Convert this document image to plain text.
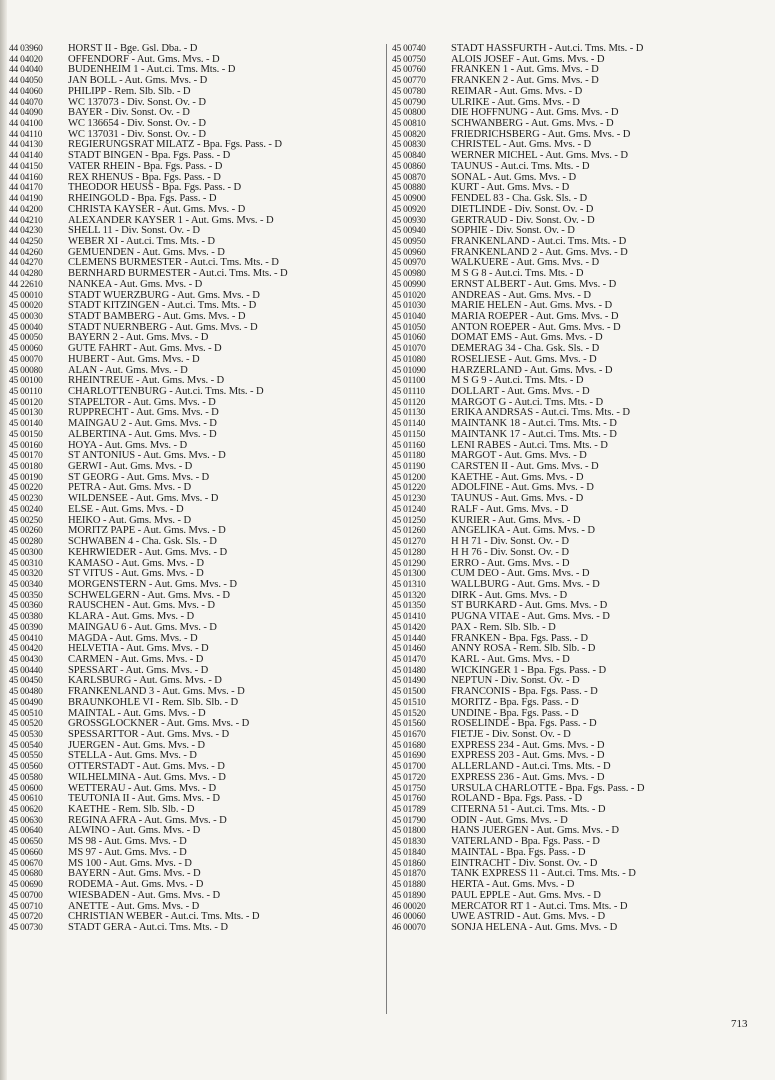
44 03960	HORST II - Bge. Gsl. Dba. - D
44 04020	OFFENDORF - Aut. Gms. Mvs. - D
44 04040	BUDENHEIM 1 - Aut.ci. Tms. Mts. - D
44 04050	JAN BOLL - Aut. Gms. Mvs. - D
44 04060	PHILIPP - Rem. Slb. Slb. - D
44 04070	WC 137073 - Div. Sonst. Ov. - D
44 04090	BAYER - Div. Sonst. Ov. - D
44 04100	WC 136654 - Div. Sonst. Ov. - D
44 04110	WC 137031 - Div. Sonst. Ov. - D
44 04130	REGIERUNGSRAT MILATZ - Bpa. Fgs. Pass. - D
44 04140	STADT BINGEN - Bpa. Fgs. Pass. - D
44 04150	VATER RHEIN - Bpa. Fgs. Pass. - D
44 04160	REX RHENUS - Bpa. Fgs. Pass. - D
44 04170	THEODOR HEUSS - Bpa. Fgs. Pass. - D
44 04190	RHEINGOLD - Bpa. Fgs. Pass. - D
44 04200	CHRISTA KAYSER - Aut. Gms. Mvs. - D
44 04210	ALEXANDER KAYSER 1 - Aut. Gms. Mvs. - D
44 04230	SHELL 11 - Div. Sonst. Ov. - D
44 04250	WEBER XI - Aut.ci. Tms. Mts. - D
44 04260	GEMUENDEN - Aut. Gms. Mvs. - D
44 04270	CLEMENS BURMESTER - Aut.ci. Tms. Mts. - D
44 04280	BERNHARD BURMESTER - Aut.ci. Tms. Mts. - D
44 22610	NANKEA - Aut. Gms. Mvs. - D
45 00010	STADT WUERZBURG - Aut. Gms. Mvs. - D
45 00020	STADT KITZINGEN - Aut.ci. Tms. Mts. - D
45 00030	STADT BAMBERG - Aut. Gms. Mvs. - D
45 00040	STADT NUERNBERG - Aut. Gms. Mvs. - D
45 00050	BAYERN 2 - Aut. Gms. Mvs. - D
45 00060	GUTE FAHRT - Aut. Gms. Mvs. - D
45 00070	HUBERT - Aut. Gms. Mvs. - D
45 00080	ALAN - Aut. Gms. Mvs. - D
45 00100	RHEINTREUE - Aut. Gms. Mvs. - D
45 00110	CHARLOTTENBURG - Aut.ci. Tms. Mts. - D
45 00120	STAPELTOR - Aut. Gms. Mvs. - D
45 00130	RUPPRECHT - Aut. Gms. Mvs. - D
45 00140	MAINGAU 2 - Aut. Gms. Mvs. - D
45 00150	ALBERTINA - Aut. Gms. Mvs. - D
45 00160	HOYA - Aut. Gms. Mvs. - D
45 00170	ST ANTONIUS - Aut. Gms. Mvs. - D
45 00180	GERWI - Aut. Gms. Mvs. - D
45 00190	ST GEORG - Aut. Gms. Mvs. - D
45 00220	PETRA - Aut. Gms. Mvs. - D
45 00230	WILDENSEE - Aut. Gms. Mvs. - D
45 00240	ELSE - Aut. Gms. Mvs. - D
45 00250	HEIKO - Aut. Gms. Mvs. - D
45 00260	MORITZ PAPE - Aut. Gms. Mvs. - D
45 00280	SCHWABEN 4 - Cha. Gsk. Sls. - D
45 00300	KEHRWIEDER - Aut. Gms. Mvs. - D
45 00310	KAMASO - Aut. Gms. Mvs. - D
45 00320	ST VITUS - Aut. Gms. Mvs. - D
45 00340	MORGENSTERN - Aut. Gms. Mvs. - D
45 00350	SCHWELGERN - Aut. Gms. Mvs. - D
45 00360	RAUSCHEN - Aut. Gms. Mvs. - D
45 00380	KLARA - Aut. Gms. Mvs. - D
45 00390	MAINGAU 6 - Aut. Gms. Mvs. - D
45 00410	MAGDA - Aut. Gms. Mvs. - D
45 00420	HELVETIA - Aut. Gms. Mvs. - D
45 00430	CARMEN - Aut. Gms. Mvs. - D
45 00440	SPESSART - Aut. Gms. Mvs. - D
45 00450	KARLSBURG - Aut. Gms. Mvs. - D
45 00480	FRANKENLAND 3 - Aut. Gms. Mvs. - D
45 00490	BRAUNKOHLE VI - Rem. Slb. Slb. - D
45 00510	MAINTAL - Aut. Gms. Mvs. - D
45 00520	GROSSGLOCKNER - Aut. Gms. Mvs. - D
45 00530	SPESSARTTOR - Aut. Gms. Mvs. - D
45 00540	JUERGEN - Aut. Gms. Mvs. - D
45 00550	STELLA - Aut. Gms. Mvs. - D
45 00560	OTTERSTADT - Aut. Gms. Mvs. - D
45 00580	WILHELMINA - Aut. Gms. Mvs. - D
45 00600	WETTERAU - Aut. Gms. Mvs. - D
45 00610	TEUTONIA II - Aut. Gms. Mvs. - D
45 00620	KAETHE - Rem. Slb. Slb. - D
45 00630	REGINA AFRA - Aut. Gms. Mvs. - D
45 00640	ALWINO - Aut. Gms. Mvs. - D
45 00650	MS 98 - Aut. Gms. Mvs. - D
45 00660	MS 97 - Aut. Gms. Mvs. - D
45 00670	MS 100 - Aut. Gms. Mvs. - D
45 00680	BAYERN - Aut. Gms. Mvs. - D
45 00690	RODEMA - Aut. Gms. Mvs. - D
45 00700	WIESBADEN - Aut. Gms. Mvs. - D
45 00710	ANETTE - Aut. Gms. Mvs. - D
45 00720	CHRISTIAN WEBER - Aut.ci. Tms. Mts. - D
45 00730	STADT GERA - Aut.ci. Tms. Mts. - D
45 00740	STADT HASSFURTH - Aut.ci. Tms. Mts. - D
45 00750	ALOIS JOSEF - Aut. Gms. Mvs. - D
45 00760	FRANKEN 1 - Aut. Gms. Mvs. - D
45 00770	FRANKEN 2 - Aut. Gms. Mvs. - D
45 00780	REIMAR - Aut. Gms. Mvs. - D
45 00790	ULRIKE - Aut. Gms. Mvs. - D
45 00800	DIE HOFFNUNG - Aut. Gms. Mvs. - D
45 00810	SCHWANBERG - Aut. Gms. Mvs. - D
45 00820	FRIEDRICHSBERG - Aut. Gms. Mvs. - D
45 00830	CHRISTEL - Aut. Gms. Mvs. - D
45 00840	WERNER MICHEL - Aut. Gms. Mvs. - D
45 00860	TAUNUS - Aut.ci. Tms. Mts. - D
45 00870	SONAL - Aut. Gms. Mvs. - D
45 00880	KURT - Aut. Gms. Mvs. - D
45 00900	FENDEL 83 - Cha. Gsk. Sls. - D
45 00920	DIETLINDE - Div. Sonst. Ov. - D
45 00930	GERTRAUD - Div. Sonst. Ov. - D
45 00940	SOPHIE - Div. Sonst. Ov. - D
45 00950	FRANKENLAND - Aut.ci. Tms. Mts. - D
45 00960	FRANKENLAND 2 - Aut. Gms. Mvs. - D
45 00970	WALKUERE - Aut. Gms. Mvs. - D
45 00980	M S G 8 - Aut.ci. Tms. Mts. - D
45 00990	ERNST ALBERT - Aut. Gms. Mvs. - D
45 01020	ANDREAS - Aut. Gms. Mvs. - D
45 01030	MARIE HELEN - Aut. Gms. Mvs. - D
45 01040	MARIA ROEPER - Aut. Gms. Mvs. - D
45 01050	ANTON ROEPER - Aut. Gms. Mvs. - D
45 01060	DOMAT EMS - Aut. Gms. Mvs. - D
45 01070	DEMERAG 34 - Cha. Gsk. Sls. - D
45 01080	ROSELIESE - Aut. Gms. Mvs. - D
45 01090	HARZERLAND - Aut. Gms. Mvs. - D
45 01100	M S G 9 - Aut.ci. Tms. Mts. - D
45 01110	DOLLART - Aut. Gms. Mvs. - D
45 01120	MARGOT G - Aut.ci. Tms. Mts. - D
45 01130	ERIKA ANDRSAS - Aut.ci. Tms. Mts. - D
45 01140	MAINTANK 18 - Aut.ci. Tms. Mts. - D
45 01150	MAINTANK 17 - Aut.ci. Tms. Mts. - D
45 01160	LENI RABES - Aut.ci. Tms. Mts. - D
45 01180	MARGOT - Aut. Gms. Mvs. - D
45 01190	CARSTEN II - Aut. Gms. Mvs. - D
45 01200	KAETHE - Aut. Gms. Mvs. - D
45 01220	ADOLFINE - Aut. Gms. Mvs. - D
45 01230	TAUNUS - Aut. Gms. Mvs. - D
45 01240	RALF - Aut. Gms. Mvs. - D
45 01250	KURIER - Aut. Gms. Mvs. - D
45 01260	ANGELIKA - Aut. Gms. Mvs. - D
45 01270	H H 71 - Div. Sonst. Ov. - D
45 01280	H H 76 - Div. Sonst. Ov. - D
45 01290	ERRO - Aut. Gms. Mvs. - D
45 01300	CUM DEO - Aut. Gms. Mvs. - D
45 01310	WALLBURG - Aut. Gms. Mvs. - D
45 01320	DIRK - Aut. Gms. Mvs. - D
45 01350	ST BURKARD - Aut. Gms. Mvs. - D
45 01410	PUGNA VITAE - Aut. Gms. Mvs. - D
45 01420	PAX - Rem. Slb. Slb. - D
45 01440	FRANKEN - Bpa. Fgs. Pass. - D
45 01460	ANNY ROSA - Rem. Slb. Slb. - D
45 01470	KARL - Aut. Gms. Mvs. - D
45 01480	WICKINGER 1 - Bpa. Fgs. Pass. - D
45 01490	NEPTUN - Div. Sonst. Ov. - D
45 01500	FRANCONIS - Bpa. Fgs. Pass. - D
45 01510	MORITZ - Bpa. Fgs. Pass. - D
45 01520	UNDINE - Bpa. Fgs. Pass. - D
45 01560	ROSELINDE - Bpa. Fgs. Pass. - D
45 01670	FIETJE - Div. Sonst. Ov. - D
45 01680	EXPRESS 234 - Aut. Gms. Mvs. - D
45 01690	EXPRESS 203 - Aut. Gms. Mvs. - D
45 01700	ALLERLAND - Aut.ci. Tms. Mts. - D
45 01720	EXPRESS 236 - Aut. Gms. Mvs. - D
45 01750	URSULA CHARLOTTE - Bpa. Fgs. Pass. - D
45 01760	ROLAND - Bpa. Fgs. Pass. - D
45 01789	CITERNA 51 - Aut.ci. Tms. Mts. - D
45 01790	ODIN - Aut. Gms. Mvs. - D
45 01800	HANS JUERGEN - Aut. Gms. Mvs. - D
45 01830	VATERLAND - Bpa. Fgs. Pass. - D
45 01840	MAINTAL - Bpa. Fgs. Pass. - D
45 01860	EINTRACHT - Div. Sonst. Ov. - D
45 01870	TANK EXPRESS 11 - Aut.ci. Tms. Mts. - D
45 01880	HERTA - Aut. Gms. Mvs. - D
45 01890	PAUL EPPLE - Aut. Gms. Mvs. - D
46 00020	MERCATOR RT 1 - Aut.ci. Tms. Mts. - D
46 00060	UWE ASTRID - Aut. Gms. Mvs. - D
46 00070	SONJA HELENA - Aut. Gms. Mvs. - D
713
